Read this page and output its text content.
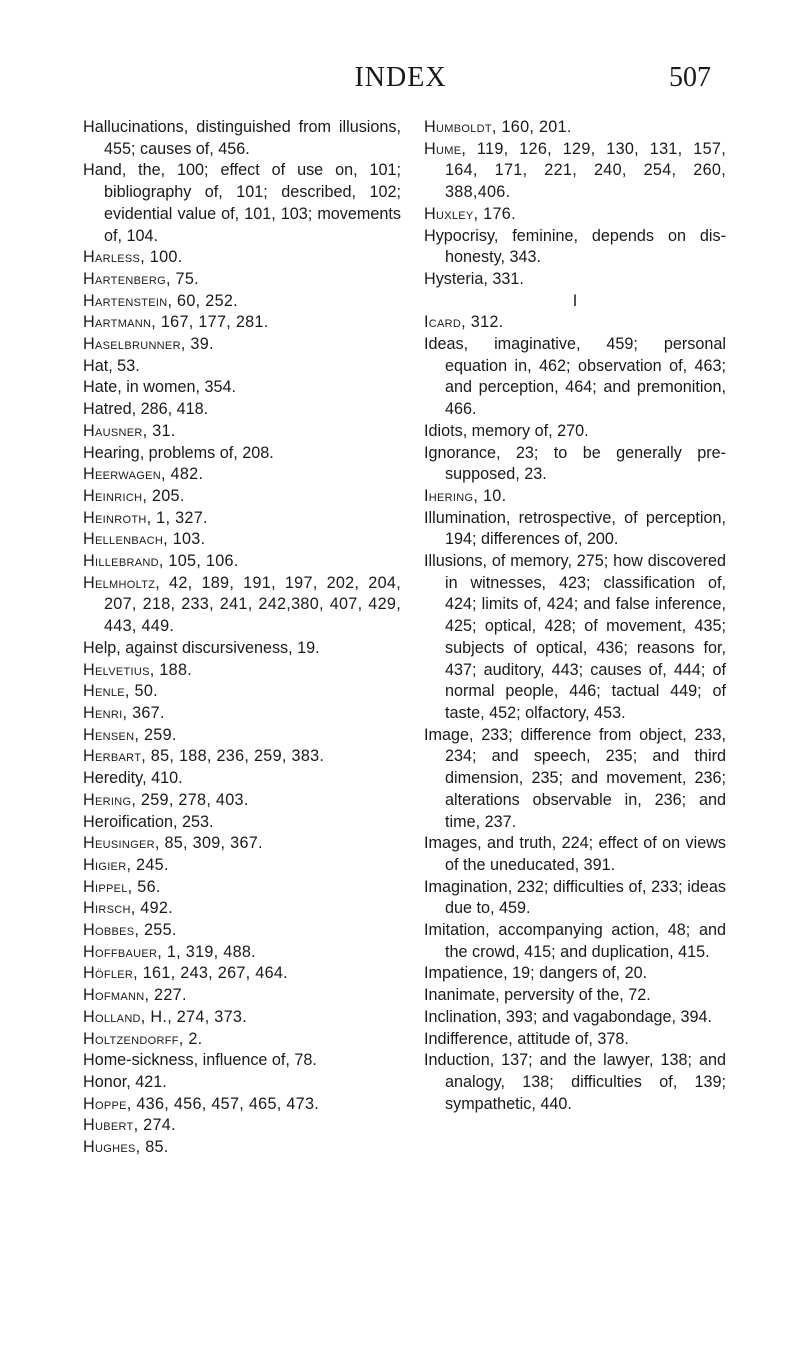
INDEX	507
Hallucinations, distinguished from illusions, 455; causes of, 456.
Hand, the, 100; effect of use on, 101; bibliography of, 101; described, 102; evidential value of, 101, 103; movements of, 104.
Harless, 100.
Hartenberg, 75.
Hartenstein, 60, 252.
Hartmann, 167, 177, 281.
Haselbrunner, 39.
Hat, 53.
Hate, in women, 354.
Hatred, 286, 418.
Hausner, 31.
Hearing, problems of, 208.
Heerwagen, 482.
Heinrich, 205.
Heinroth, 1, 327.
Hellenbach, 103.
Hillebrand, 105, 106.
Helmholtz, 42, 189, 191, 197, 202, 204, 207, 218, 233, 241, 242,380, 407, 429, 443, 449.
Help, against discursiveness, 19.
Helvetius, 188.
Henle, 50.
Henri, 367.
Hensen, 259.
Herbart, 85, 188, 236, 259, 383.
Heredity, 410.
Hering, 259, 278, 403.
Heroification, 253.
Heusinger, 85, 309, 367.
Higier, 245.
Hippel, 56.
Hirsch, 492.
Hobbes, 255.
Hoffbauer, 1, 319, 488.
Höfler, 161, 243, 267, 464.
Hofmann, 227.
Holland, H., 274, 373.
Holtzendorff, 2.
Home-sickness, influence of, 78.
Honor, 421.
Hoppe, 436, 456, 457, 465, 473.
Hubert, 274.
Hughes, 85.
Humboldt, 160, 201.
Hume, 119, 126, 129, 130, 131, 157, 164, 171, 221, 240, 254, 260, 388,406.
Huxley, 176.
Hypocrisy, feminine, depends on dishonesty, 343.
Hysteria, 331.
I
Icard, 312.
Ideas, imaginative, 459; personal equation in, 462; observation of, 463; and perception, 464; and premonition, 466.
Idiots, memory of, 270.
Ignorance, 23; to be generally presupposed, 23.
Ihering, 10.
Illumination, retrospective, of perception, 194; differences of, 200.
Illusions, of memory, 275; how discovered in witnesses, 423; classification of, 424; limits of, 424; and false inference, 425; optical, 428; of movement, 435; subjects of optical, 436; reasons for, 437; auditory, 443; causes of, 444; of normal people, 446; tactual 449; of taste, 452; olfactory, 453.
Image, 233; difference from object, 233, 234; and speech, 235; and third dimension, 235; and movement, 236; alterations observable in, 236; and time, 237.
Images, and truth, 224; effect of on views of the uneducated, 391.
Imagination, 232; difficulties of, 233; ideas due to, 459.
Imitation, accompanying action, 48; and the crowd, 415; and duplication, 415.
Impatience, 19; dangers of, 20.
Inanimate, perversity of the, 72.
Inclination, 393; and vagabondage, 394.
Indifference, attitude of, 378.
Induction, 137; and the lawyer, 138; and analogy, 138; difficulties of, 139; sympathetic, 440.
